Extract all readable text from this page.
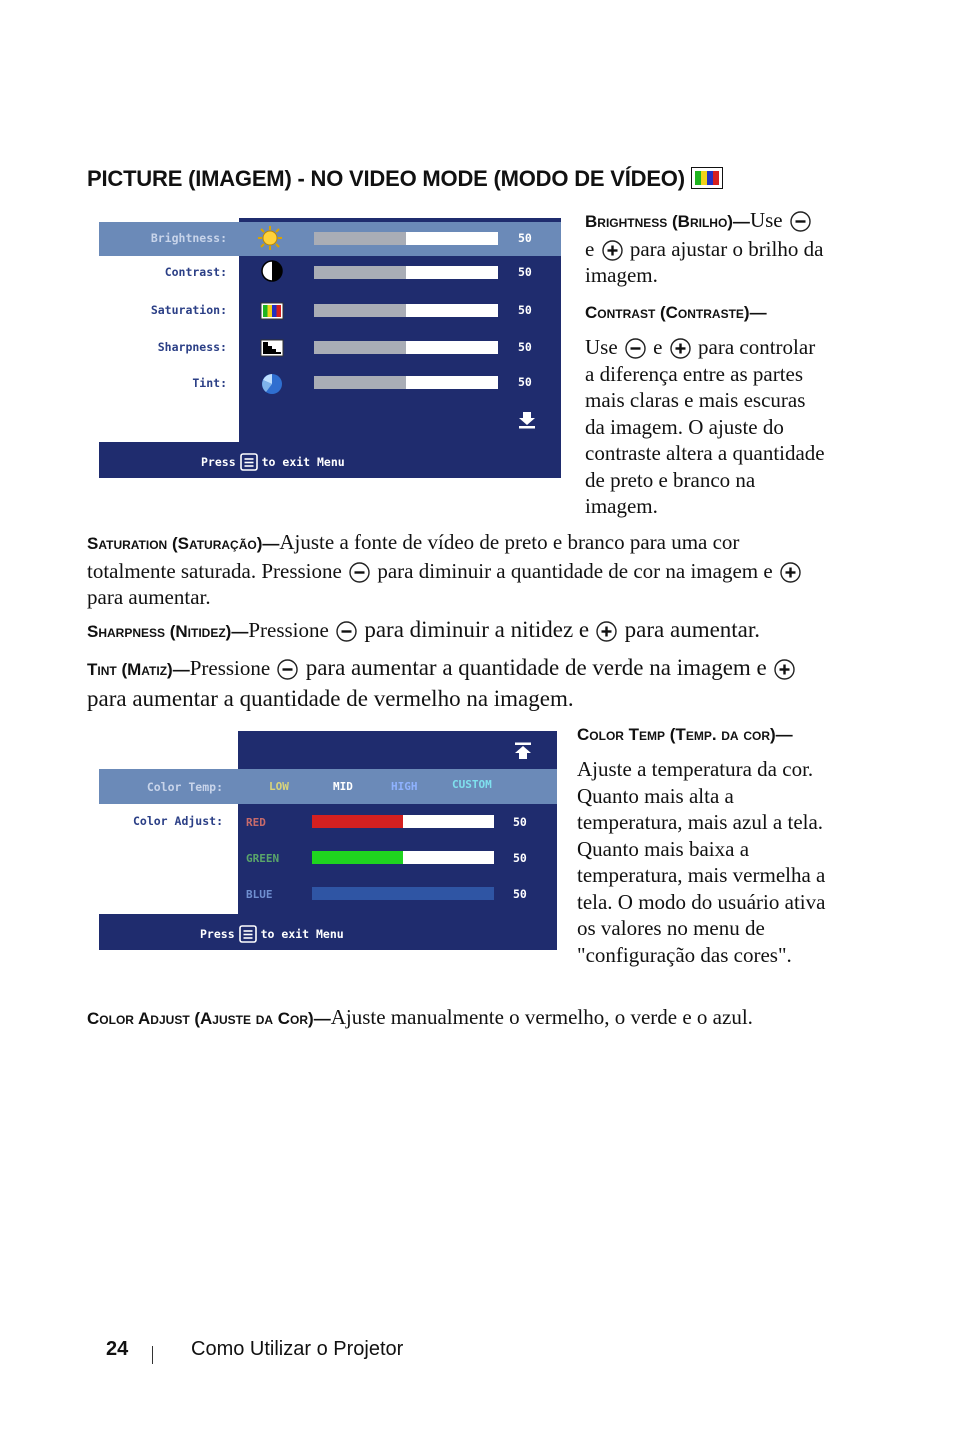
PICTURE (IMAGEM) - NO VIDEO MODE (MODO DE VÍDEO)
Brightness:	50
Contrast:	50
Saturation:	50
Sharpness:	50
Tint:	50
Press to exit Menu
Brightness (Brilho)—Use
e para ajustar o brilho da imagem.
Contrast (Contraste)—
Use e para controlar a diferença entre as partes mais claras e mais escuras da imagem. O ajuste do contraste altera a quantidade de preto e branco na imagem.
Saturation (Saturação)—Ajuste a fonte de vídeo de preto e branco para uma cor totalmente saturada. Pressione para diminuir a quantidade de cor na imagem e
para aumentar.
Sharpness (Nitidez)—Pressione para diminuir a nitidez e para aumentar.
Tint (Matiz)—Pressione para aumentar a quantidade de verde na imagem e
para aumentar a quantidade de vermelho na imagem.
Color Temp:	LOW	MID	HIGH	CUSTOM
Color Adjust: RED	50
GREEN	50
BLUE	50
Press to exit Menu
Color Temp (Temp. da cor)—
Ajuste a temperatura da cor. Quanto mais alta a temperatura, mais azul a tela. Quanto mais baixa a temperatura, mais vermelha a tela. O modo do usuário ativa os valores no menu de "configuração das cores".
Color Adjust (Ajuste da Cor)—Ajuste manualmente o vermelho, o verde e o azul.
24	Como Utilizar o Projetor
